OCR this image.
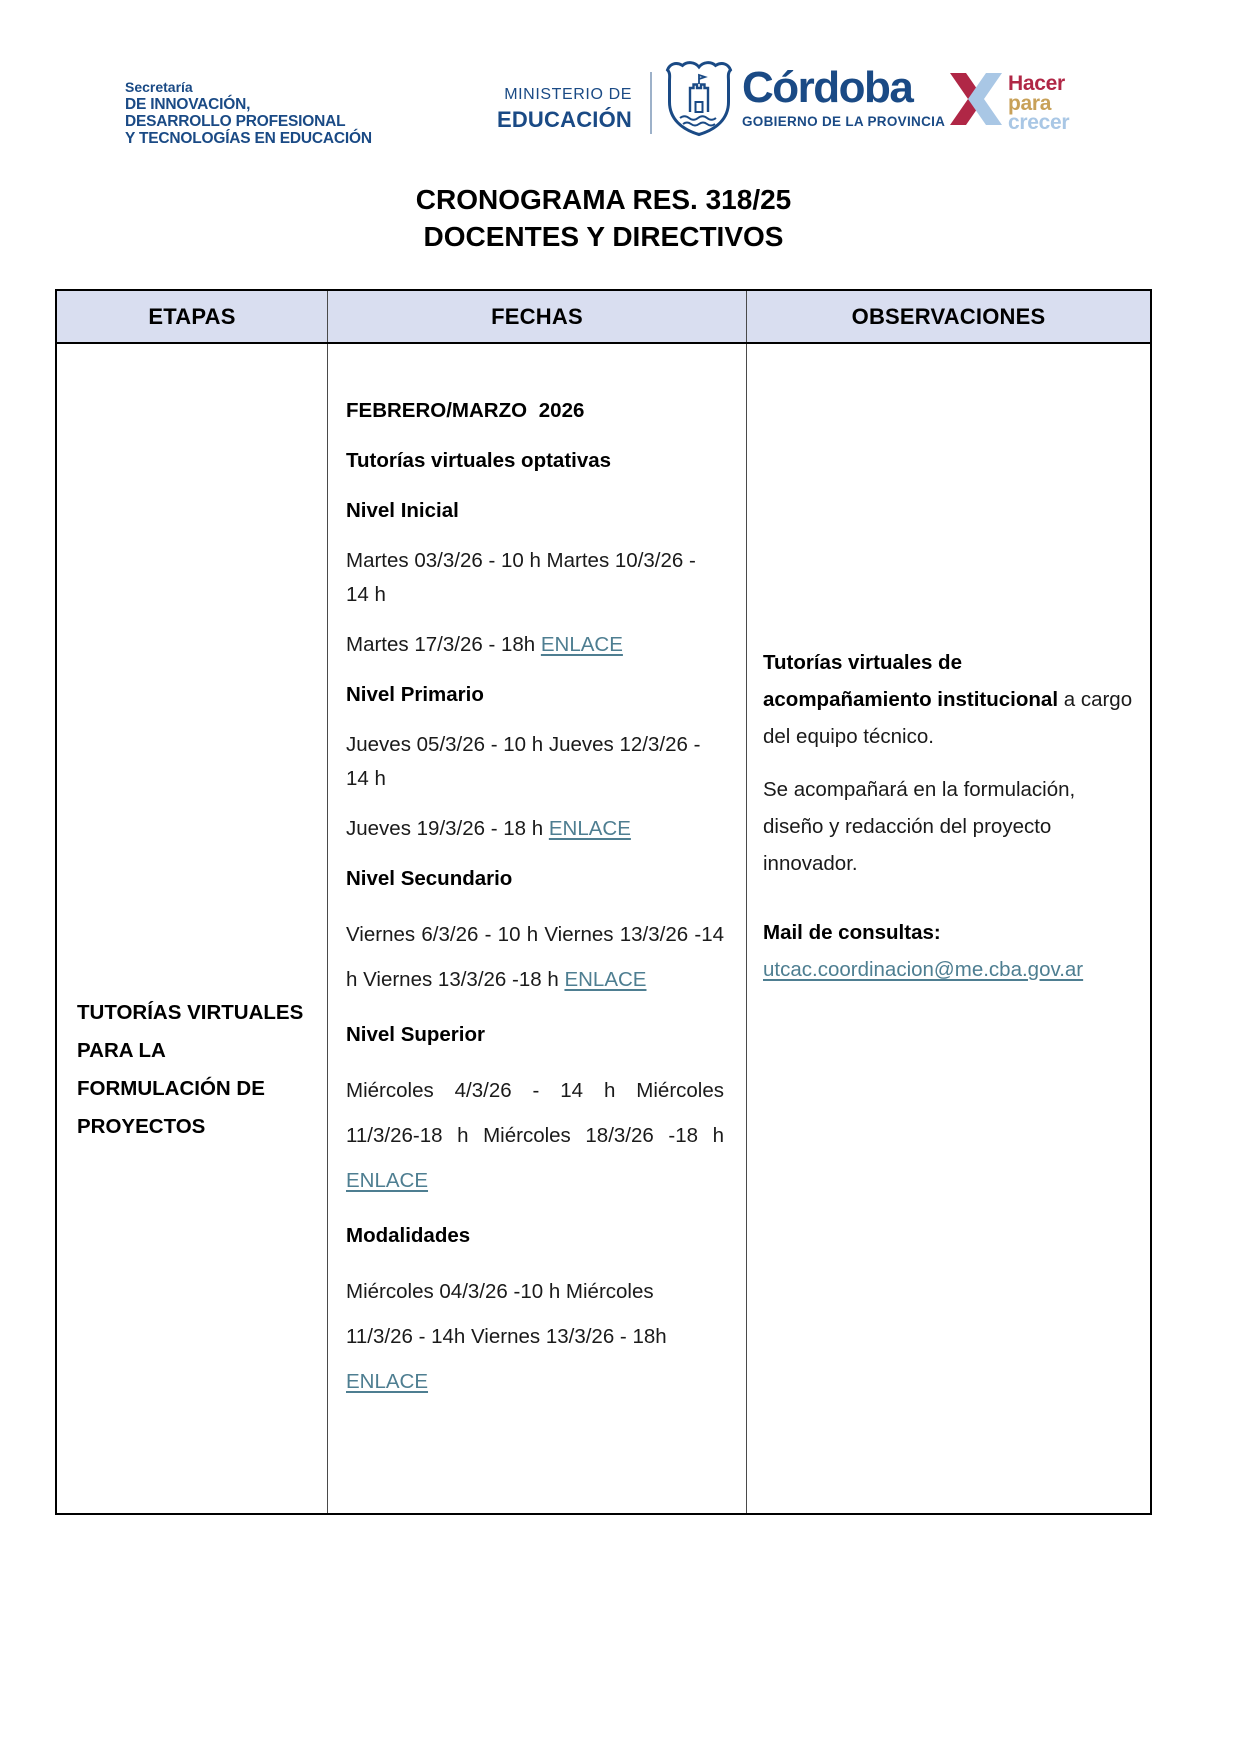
Secretaría
DE INNOVACIÓN,
DESARROLLO PROFESIONAL
Y TECNOLOGÍAS EN EDUCACIÓN
MINISTERIO DE
EDUCACIÓN
Córdoba
GOBIERNO DE LA PROVINCIA
Hacer
para
crecer
CRONOGRAMA RES. 318/25
DOCENTES Y DIRECTIVOS
ETAPAS	FECHAS	OBSERVACIONES
TUTORÍAS VIRTUALES PARA LA FORMULACIÓN DE PROYECTOS

FEBRERO/MARZO 2026

Tutorías virtuales optativas

Nivel Inicial

Martes 03/3/26 - 10 h Martes 10/3/26 - 14 h

Martes 17/3/26 - 18h ENLACE

Nivel Primario

Jueves 05/3/26 - 10 h Jueves 12/3/26 - 14 h

Jueves 19/3/26 - 18 h ENLACE

Nivel Secundario

Viernes 6/3/26 - 10 h Viernes 13/3/26 -14 h Viernes 13/3/26 -18 h ENLACE

Nivel Superior

Miércoles 4/3/26 - 14 h Miércoles 11/3/26-18 h Miércoles 18/3/26 -18 h ENLACE

Modalidades

Miércoles 04/3/26 -10 h Miércoles 11/3/26 - 14h Viernes 13/3/26 - 18h ENLACE

Tutorías virtuales de acompañamiento institucional a cargo del equipo técnico.

Se acompañará en la formulación, diseño y redacción del proyecto innovador.

Mail de consultas:

utcac.coordinacion@me.cba.gov.ar
